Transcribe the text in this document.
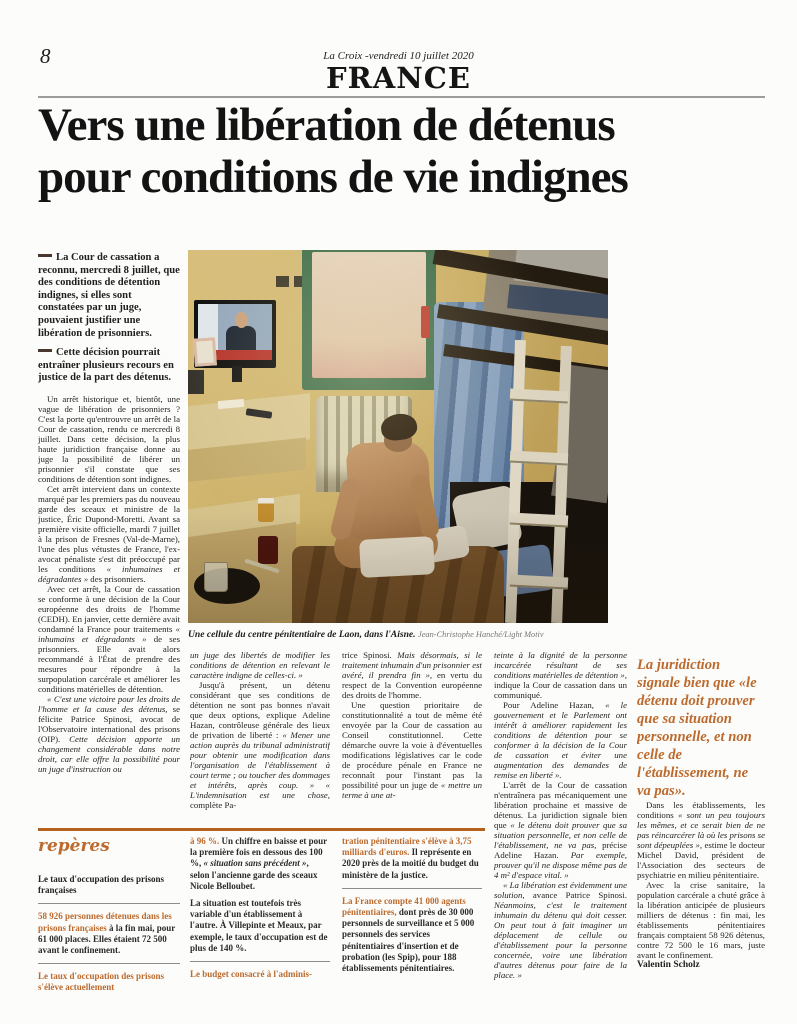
8	La Croix -vendredi 10 juillet 2020
FRANCE
Vers une libération de détenus
pour conditions de vie indignes

La Cour de cassation a reconnu, mercredi 8 juillet, que des conditions de détention indignes, si elles sont constatées par un juge, pouvaient justifier une libération de prisonniers.

Cette décision pourrait entraîner plusieurs recours en justice de la part des détenus.

Un arrêt historique et, bientôt, une vague de libération de prisonniers ? C'est la porte qu'entrouvre un arrêt de la Cour de cassation, rendu ce mercredi 8 juillet. Dans cette décision, la plus haute juridiction française donne au juge la possibilité de libérer un prisonnier s'il constate que ses conditions de détention sont indignes.

Cet arrêt intervient dans un contexte marqué par les premiers pas du nouveau garde des sceaux et ministre de la justice, Éric Dupond-Moretti. Avant sa première visite officielle, mardi 7 juillet à la prison de Fresnes (Val-de-Marne), l'une des plus vétustes de France, l'ex-avocat pénaliste s'est dit préoccupé par les conditions « inhumaines et dégradantes » des prisonniers.

Avec cet arrêt, la Cour de cassation se conforme à une décision de la Cour européenne des droits de l'homme (CEDH). En janvier, cette dernière avait condamné la France pour traitements « inhumains et dégradants » de ses prisonniers. Elle avait alors recommandé à l'État de prendre des mesures pour répondre à la surpopulation carcérale et améliorer les conditions matérielles de détention.

« C'est une victoire pour les droits de l'homme et la cause des détenus, se félicite Patrice Spinosi, avocat de l'Observatoire international des prisons (OIP). Cette décision apporte un changement considérable dans notre droit, car elle offre la possibilité pour un juge d'instruction ou

Une cellule du centre pénitentiaire de Laon, dans l'Aisne. Jean-Christophe Hanché/Light Motiv

un juge des libertés de modifier les conditions de détention en relevant le caractère indigne de celles-ci. »

Jusqu'à présent, un détenu considérant que ses conditions de détention ne sont pas bonnes n'avait que deux options, explique Adeline Hazan, contrôleuse générale des lieux de privation de liberté : « Mener une action auprès du tribunal administratif pour obtenir une modification dans l'organisation de l'établissement à court terme ; ou toucher des dommages et intérêts, après coup. » « L'indemnisation est une chose, complète Pa-

trice Spinosi. Mais désormais, si le traitement inhumain d'un prisonnier est avéré, il prendra fin », en vertu du respect de la Convention européenne des droits de l'homme.

Une question prioritaire de constitutionnalité a tout de même été envoyée par la Cour de cassation au Conseil constitutionnel. Cette démarche ouvre la voie à d'éventuelles modifications législatives car le code de procédure pénale en France ne reconnaît pour l'instant pas la possibilité pour un juge de « mettre un terme à une at-

teinte à la dignité de la personne incarcérée résultant de ses conditions matérielles de détention », indique la Cour de cassation dans un communiqué.

Pour Adeline Hazan, « le gouvernement et le Parlement ont intérêt à améliorer rapidement les conditions de détention pour se conformer à la décision de la Cour de cassation et éviter une augmentation des demandes de remise en liberté ».

L'arrêt de la Cour de cassation n'entraînera pas mécaniquement une libération prochaine et massive de détenus. La juridiction signale bien que « le détenu doit prouver que sa situation personnelle, et non celle de l'établissement, ne va pas, précise Adeline Hazan. Par exemple, prouver qu'il ne dispose même pas de 4 m² d'espace vital. »

« La libération est évidemment une solution, avance Patrice Spinosi. Néanmoins, c'est le traitement inhumain du détenu qui doit cesser. On peut tout à fait imaginer un déplacement de cellule ou d'établissement pour la personne concernée, voire une libération d'autres détenus pour faire de la place. »

La juridiction signale bien que «le détenu doit prouver que sa situation personnelle, et non celle de l'établissement, ne va pas».

Dans les établissements, les conditions « sont un peu toujours les mêmes, et ce serait bien de ne pas réincarcérer là où les prisons se sont dépeuplées », estime le docteur Michel David, président de l'Association des secteurs de psychiatrie en milieu pénitentiaire.

Avec la crise sanitaire, la population carcérale a chuté grâce à la libération anticipée de plusieurs milliers de détenus : fin mai, les établissements pénitentiaires français comptaient 58 926 détenus, contre 72 500 le 16 mars, juste avant le confinement.

Valentin Scholz

repères

Le taux d'occupation des prisons françaises

58 926 personnes détenues dans les prisons françaises à la fin mai, pour 61 000 places. Elles étaient 72 500 avant le confinement.

Le taux d'occupation des prisons s'élève actuellement

à 96 %. Un chiffre en baisse et pour la première fois en dessous des 100 %, « situation sans précédent », selon l'ancienne garde des sceaux Nicole Belloubet.

La situation est toutefois très variable d'un établissement à l'autre. À Villepinte et Meaux, par exemple, le taux d'occupation est de plus de 140 %.

Le budget consacré à l'adminis-

tration pénitentiaire s'élève à 3,75 milliards d'euros. Il représente en 2020 près de la moitié du budget du ministère de la justice.

La France compte 41 000 agents pénitentiaires, dont près de 30 000 personnels de surveillance et 5 000 personnels des services pénitentiaires d'insertion et de probation (les Spip), pour 188 établissements pénitentiaires.
